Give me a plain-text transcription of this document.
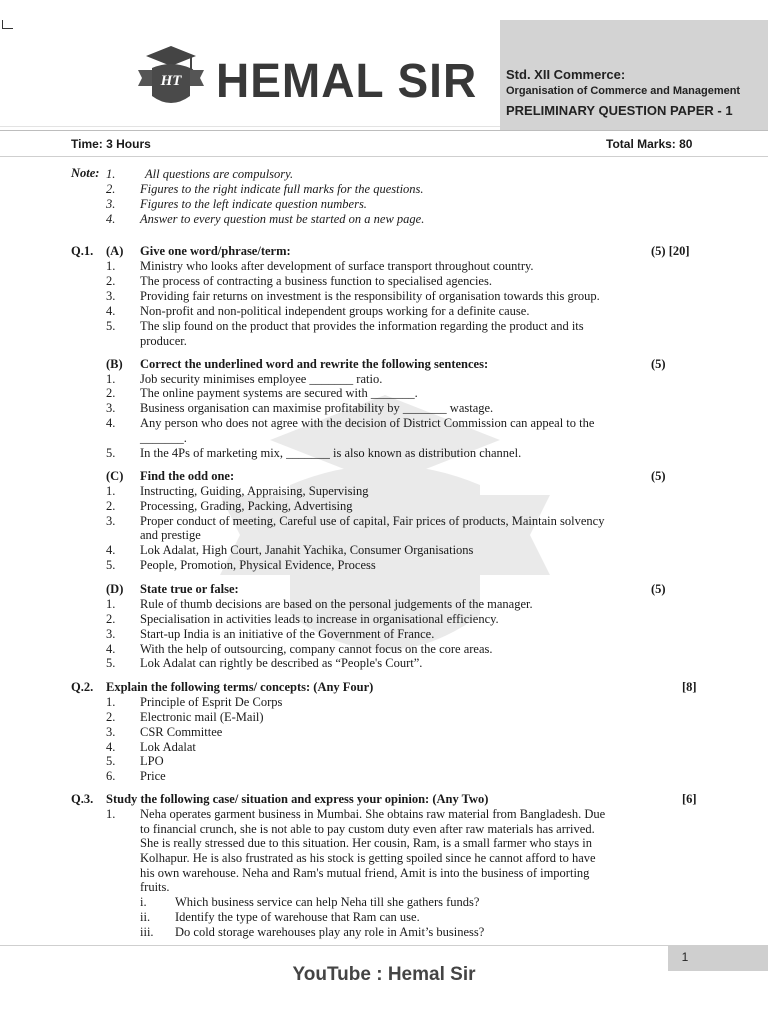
HT HEMAL SIR Std. XII Commerce:
Organisation of Commerce and Management
PRELIMINARY QUESTION PAPER - 1
Time: 3 Hours	Total Marks: 80
Note: 1. All questions are compulsory.
2. Figures to the right indicate full marks for the questions.
3. Figures to the left indicate question numbers.
4. Answer to every question must be started on a new page.
Q.1. (A) Give one word/phrase/term:	(5) [20]
1. Ministry who looks after development of surface transport throughout country.
2. The process of contracting a business function to specialised agencies.
3. Providing fair returns on investment is the responsibility of organisation towards this group.
4. Non-profit and non-political independent groups working for a definite cause.
5. The slip found on the product that provides the information regarding the product and its
producer.
(B) Correct the underlined word and rewrite the following sentences:	(5)
1. Job security minimises employee _______ ratio.
2. The online payment systems are secured with _______.
3. Business organisation can maximise profitability by _______ wastage.
4. Any person who does not agree with the decision of District Commission can appeal to the
_______.
5. In the 4Ps of marketing mix, _______ is also known as distribution channel.
(C) Find the odd one:	(5)
1. Instructing, Guiding, Appraising, Supervising
2. Processing, Grading, Packing, Advertising
3. Proper conduct of meeting, Careful use of capital, Fair prices of products, Maintain solvency
and prestige
4. Lok Adalat, High Court, Janahit Yachika, Consumer Organisations
5. People, Promotion, Physical Evidence, Process
(D) State true or false:	(5)
1. Rule of thumb decisions are based on the personal judgements of the manager.
2. Specialisation in activities leads to increase in organisational efficiency.
3. Start-up India is an initiative of the Government of France.
4. With the help of outsourcing, company cannot focus on the core areas.
5. Lok Adalat can rightly be described as “People's Court”.
Q.2. Explain the following terms/ concepts: (Any Four)	[8]
1. Principle of Esprit De Corps
2. Electronic mail (E-Mail)
3. CSR Committee
4. Lok Adalat
5. LPO
6. Price
Q.3. Study the following case/ situation and express your opinion: (Any Two)	[6]
1. Neha operates garment business in Mumbai. She obtains raw material from Bangladesh. Due
to financial crunch, she is not able to pay custom duty even after raw materials has arrived.
She is really stressed due to this situation. Her cousin, Ram, is a small farmer who stays in
Kolhapur. He is also frustrated as his stock is getting spoiled since he cannot afford to have
his own warehouse. Neha and Ram's mutual friend, Amit is into the business of importing
fruits.
i. Which business service can help Neha till she gathers funds?
ii. Identify the type of warehouse that Ram can use.
iii. Do cold storage warehouses play any role in Amit’s business?
1
YouTube : Hemal Sir
